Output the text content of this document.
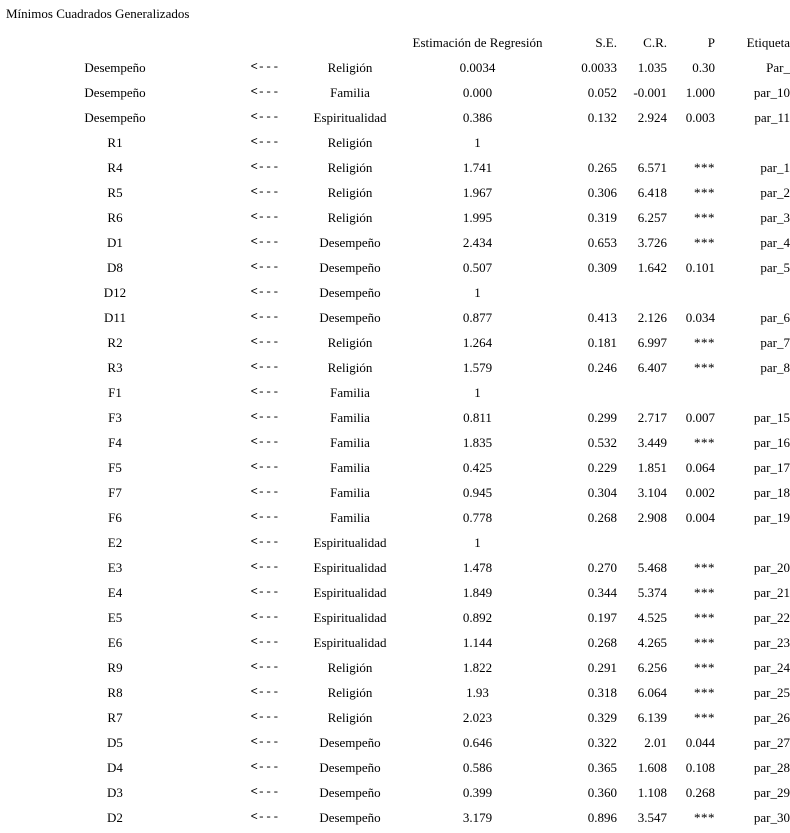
Mínimos Cuadrados Generalizados
			Estimación de Regresión	S.E.	C.R.	P	Etiqueta
Desempeño	<---	Religión	0.0034	0.0033	1.035	0.30	Par_
Desempeño	<---	Familia	0.000	0.052	-0.001	1.000	par_10
Desempeño	<---	Espiritualidad	0.386	0.132	2.924	0.003	par_11
R1	<---	Religión	1				
R4	<---	Religión	1.741	0.265	6.571	***	par_1
R5	<---	Religión	1.967	0.306	6.418	***	par_2
R6	<---	Religión	1.995	0.319	6.257	***	par_3
D1	<---	Desempeño	2.434	0.653	3.726	***	par_4
D8	<---	Desempeño	0.507	0.309	1.642	0.101	par_5
D12	<---	Desempeño	1				
D11	<---	Desempeño	0.877	0.413	2.126	0.034	par_6
R2	<---	Religión	1.264	0.181	6.997	***	par_7
R3	<---	Religión	1.579	0.246	6.407	***	par_8
F1	<---	Familia	1				
F3	<---	Familia	0.811	0.299	2.717	0.007	par_15
F4	<---	Familia	1.835	0.532	3.449	***	par_16
F5	<---	Familia	0.425	0.229	1.851	0.064	par_17
F7	<---	Familia	0.945	0.304	3.104	0.002	par_18
F6	<---	Familia	0.778	0.268	2.908	0.004	par_19
E2	<---	Espiritualidad	1				
E3	<---	Espiritualidad	1.478	0.270	5.468	***	par_20
E4	<---	Espiritualidad	1.849	0.344	5.374	***	par_21
E5	<---	Espiritualidad	0.892	0.197	4.525	***	par_22
E6	<---	Espiritualidad	1.144	0.268	4.265	***	par_23
R9	<---	Religión	1.822	0.291	6.256	***	par_24
R8	<---	Religión	1.93	0.318	6.064	***	par_25
R7	<---	Religión	2.023	0.329	6.139	***	par_26
D5	<---	Desempeño	0.646	0.322	2.01	0.044	par_27
D4	<---	Desempeño	0.586	0.365	1.608	0.108	par_28
D3	<---	Desempeño	0.399	0.360	1.108	0.268	par_29
D2	<---	Desempeño	3.179	0.896	3.547	***	par_30
